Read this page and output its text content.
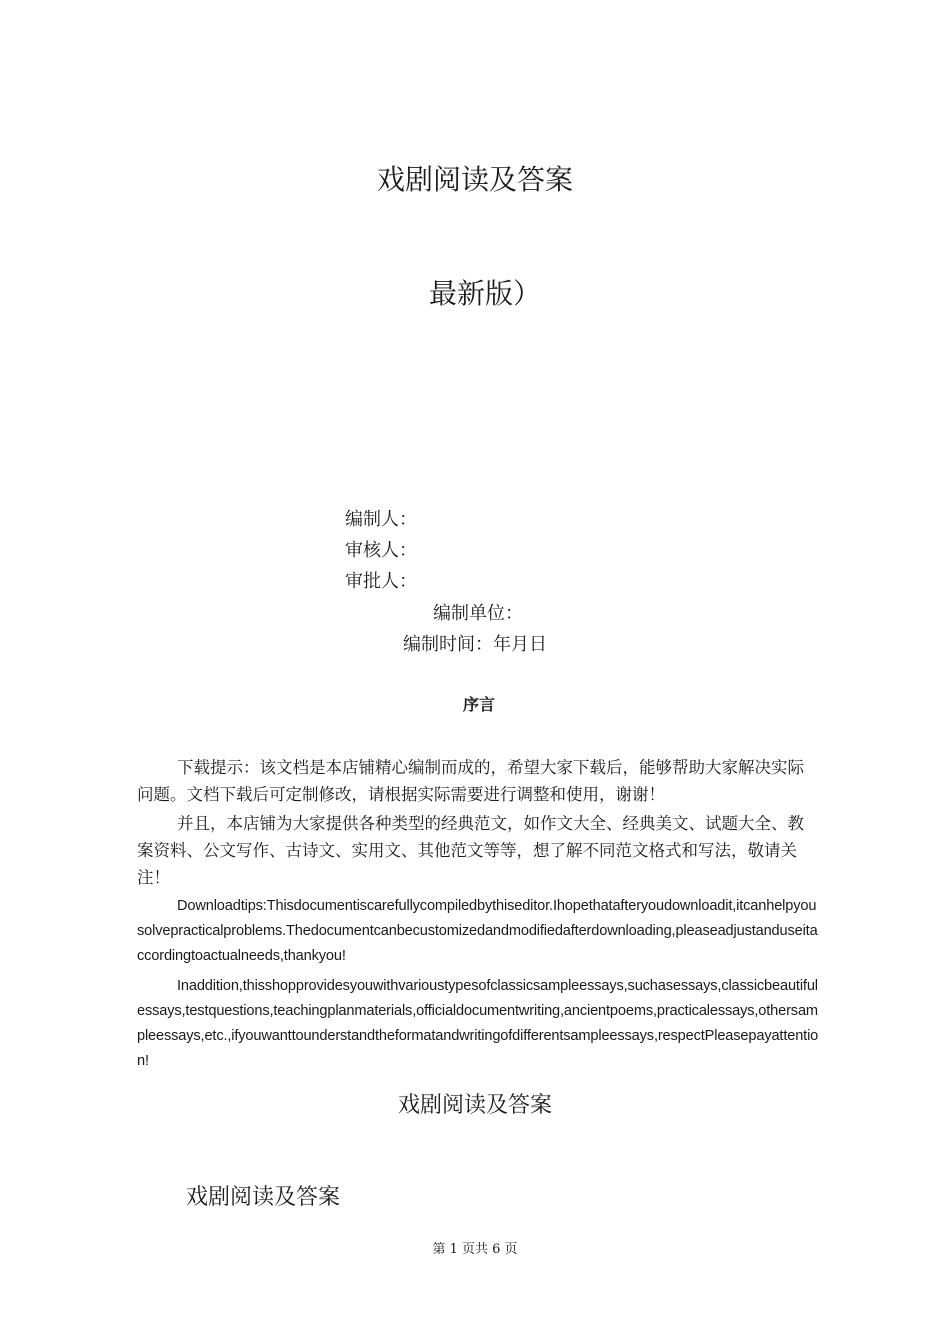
戏剧阅读及答案
最新版）
编制人：
审核人：
审批人：
编制单位：
编制时间：年月日
序言

下载提示：该文档是本店铺精心编制而成的，希望大家下载后，能够帮助大家解决实际问题。文档下载后可定制修改，请根据实际需要进行调整和使用，谢谢！

并且，本店铺为大家提供各种类型的经典范文，如作文大全、经典美文、试题大全、教案资料、公文写作、古诗文、实用文、其他范文等等，想了解不同范文格式和写法，敬请关注！

Downloadtips:Thisdocumentiscarefullycompiledbythiseditor.Ihopethatafteryoudownloadit,itcanhelpyousolvepracticalproblems.Thedocumentcanbecustomizedandmodifiedafterdownloading,pleaseadjustanduseitaccordingtoactualneeds,thankyou!

Inaddition,thisshopprovidesyouwithvarioustypesofclassicsampleessays,suchasessays,classicbeautifulessays,testquestions,teachingplanmaterials,officialdocumentwriting,ancientpoems,practicalessays,othersampleessays,etc.,ifyouwanttounderstandtheformatandwritingofdifferentsampleessays,respectPleasepayattention!

戏剧阅读及答案
戏剧阅读及答案
第 1 页共 6 页
